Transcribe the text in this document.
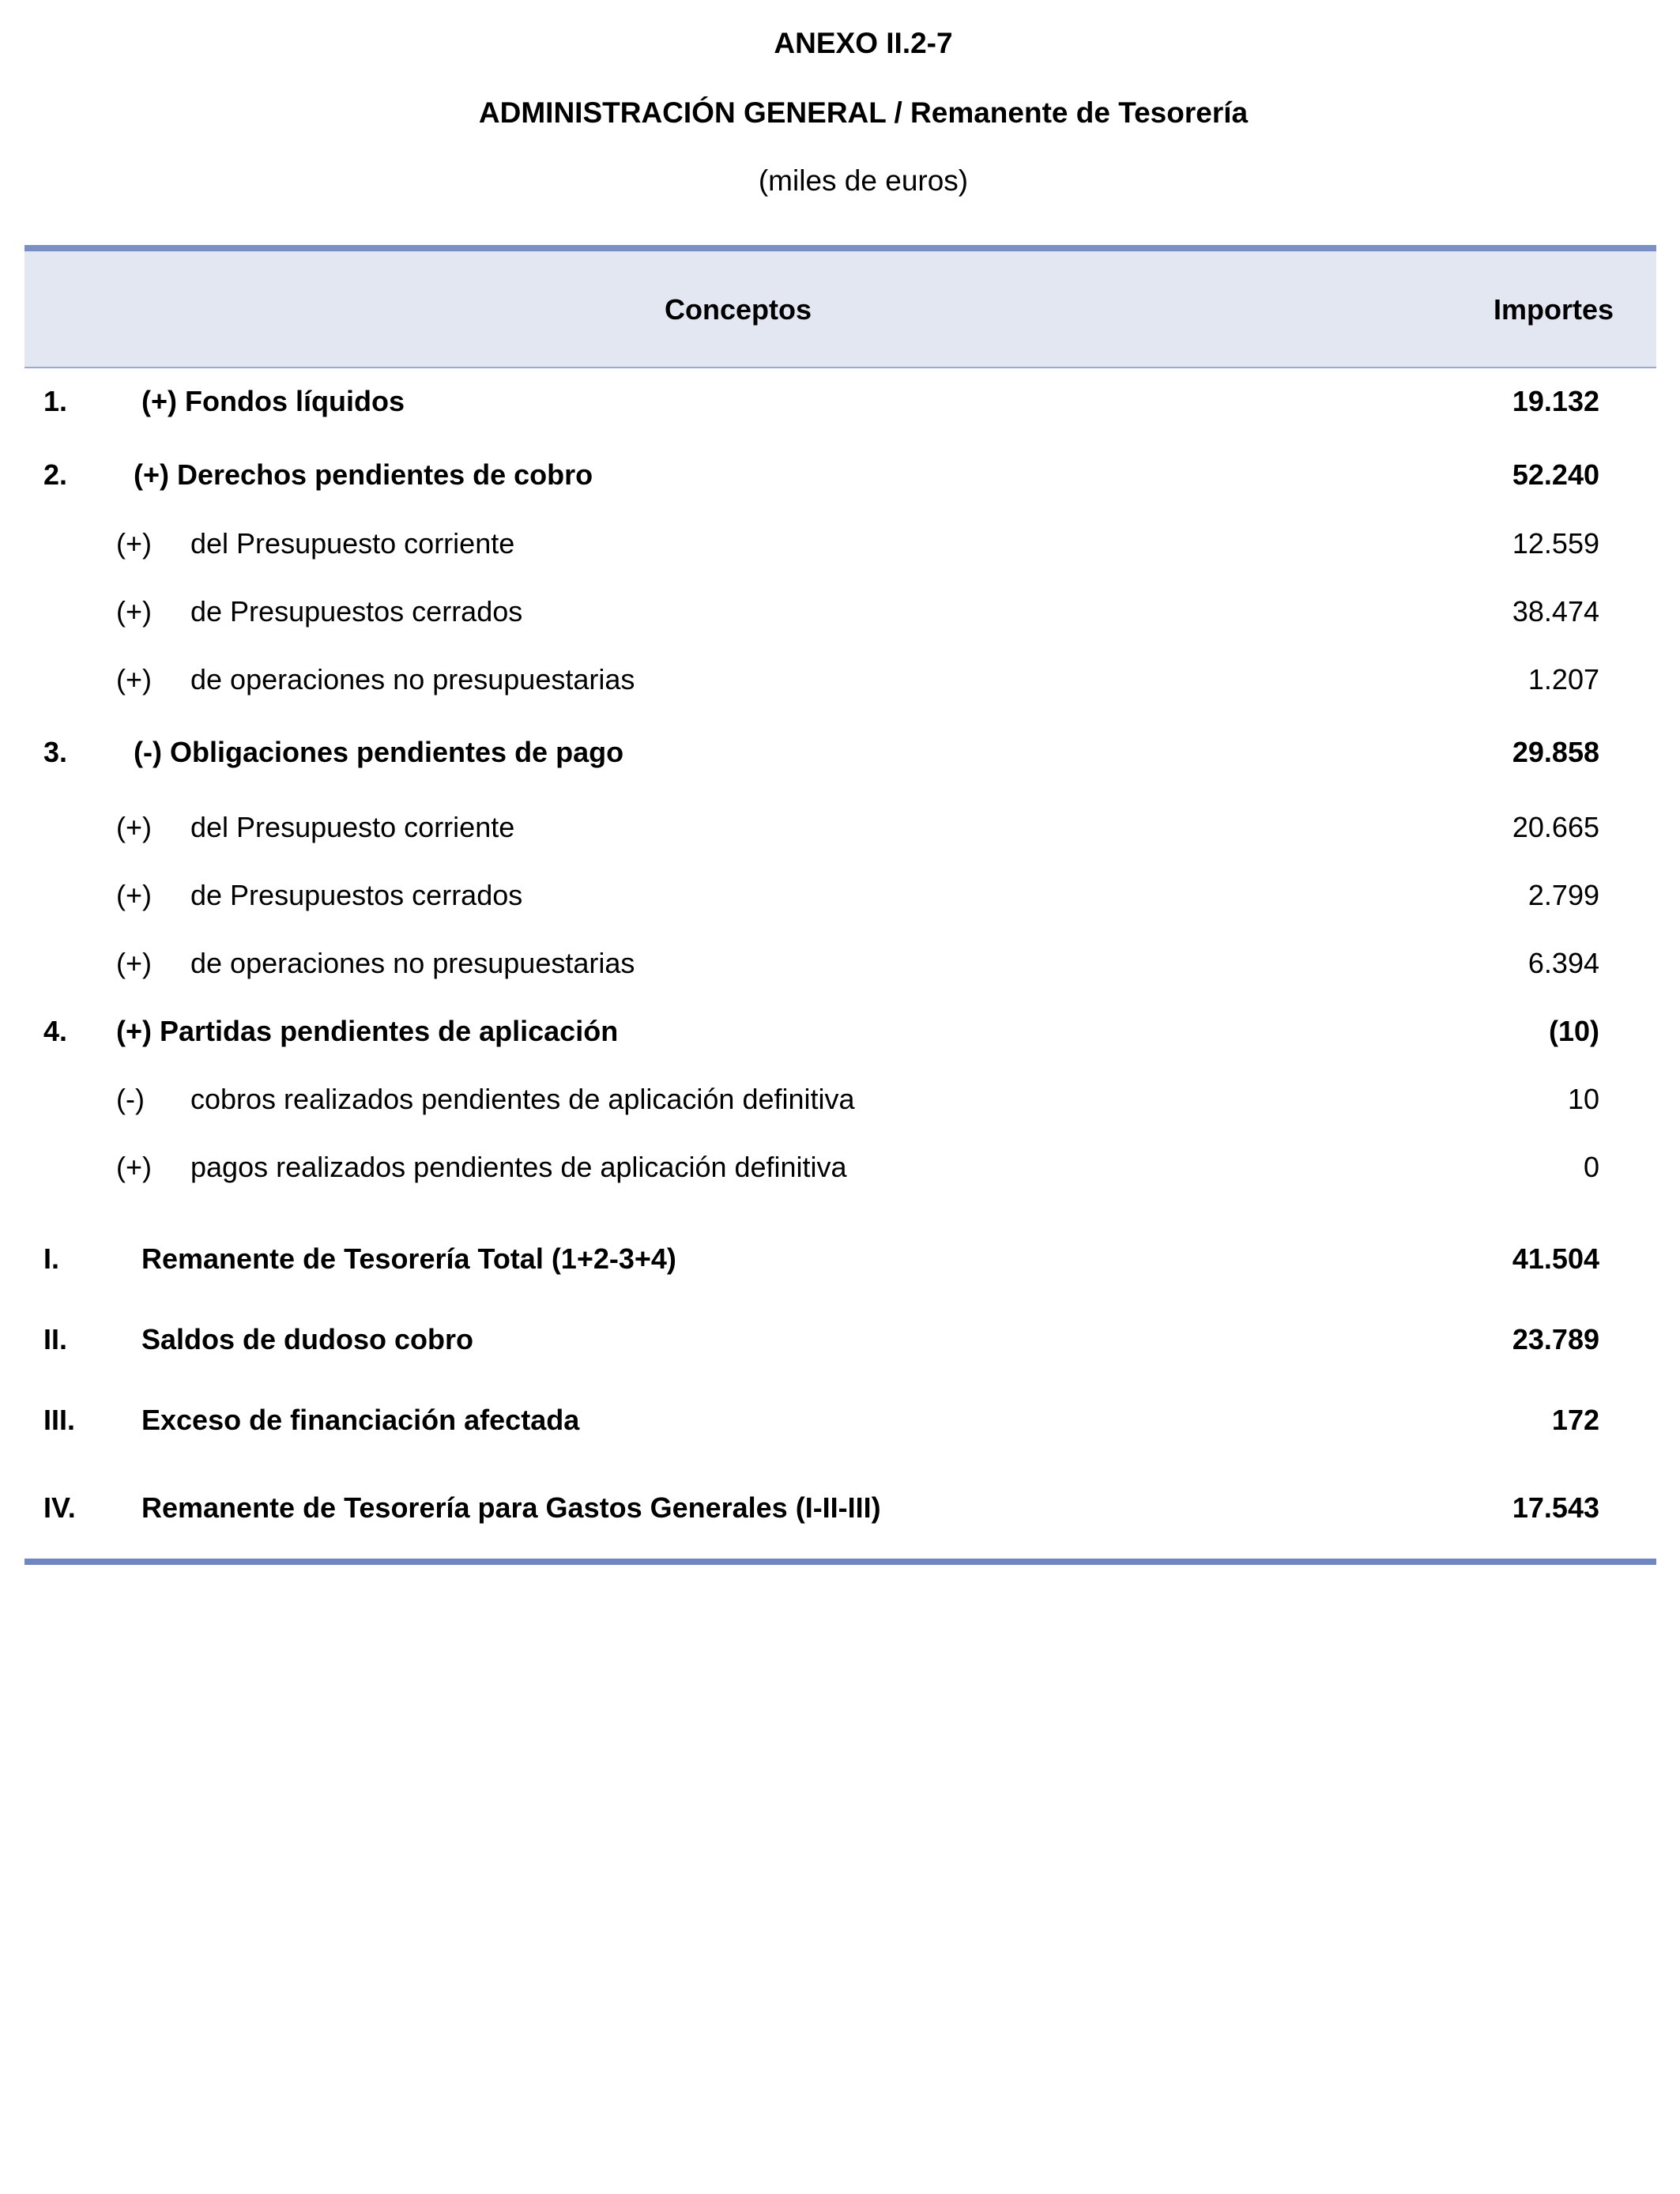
ANEXO II.2-7
ADMINISTRACIÓN GENERAL / Remanente de Tesorería
(miles de euros)
Conceptos	Importes
1.	(+) Fondos líquidos	19.132
2. (+) Derechos pendientes de cobro	52.240
(+) del Presupuesto corriente	12.559
(+) de Presupuestos cerrados	38.474
(+) de operaciones no presupuestarias	1.207
3. (-) Obligaciones pendientes de pago	29.858
(+) del Presupuesto corriente	20.665
(+) de Presupuestos cerrados	2.799
(+) de operaciones no presupuestarias	6.394
4. (+) Partidas pendientes de aplicación	(10)
(-) cobros realizados pendientes de aplicación definitiva	10
(+) pagos realizados pendientes de aplicación definitiva	0
I.	Remanente de Tesorería Total (1+2-3+4)	41.504
II.	Saldos de dudoso cobro	23.789
III. Exceso de financiación afectada	172
IV. Remanente de Tesorería para Gastos Generales (I-II-III)	17.543
